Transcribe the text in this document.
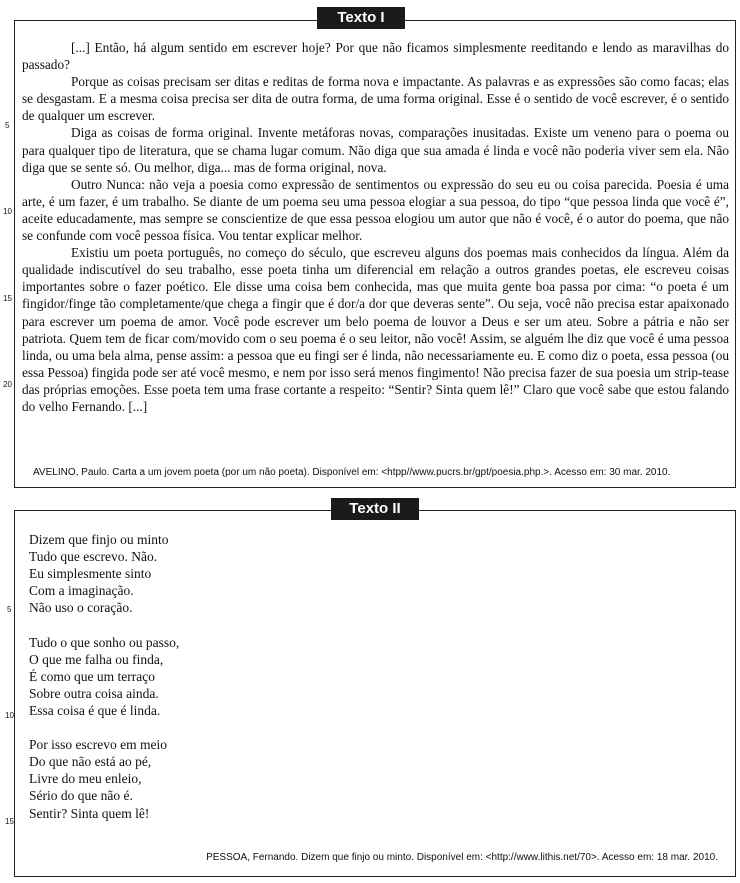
Texto I

[...] Então, há algum sentido em escrever hoje? Por que não ficamos simplesmente reeditando e lendo as maravilhas do passado?

Porque as coisas precisam ser ditas e reditas de forma nova e impactante. As palavras e as expressões são como facas; elas se desgastam. E a mesma coisa precisa ser dita de outra forma, de uma forma original. Esse é o sentido de você escrever, é o sentido de qualquer um escrever.

Diga as coisas de forma original. Invente metáforas novas, comparações inusitadas. Existe um veneno para o poema ou para qualquer tipo de literatura, que se chama lugar comum. Não diga que sua amada é linda e você não poderia viver sem ela. Não diga que se sente só. Ou melhor, diga... mas de forma original, nova.

Outro Nunca: não veja a poesia como expressão de sentimentos ou expressão do seu eu ou coisa parecida. Poesia é uma arte, é um fazer, é um trabalho. Se diante de um poema seu uma pessoa elogiar a sua pessoa, do tipo “que pessoa linda que você é”, aceite educadamente, mas sempre se conscientize de que essa pessoa elogiou um autor que não é você, é o autor do poema, que não se confunde com você pessoa física. Vou tentar explicar melhor.

Existiu um poeta português, no começo do século, que escreveu alguns dos poemas mais conhecidos da língua. Além da qualidade indiscutível do seu trabalho, esse poeta tinha um diferencial em relação a outros grandes poetas, ele escreveu coisas importantes sobre o fazer poético. Ele disse uma coisa bem conhecida, mas que muita gente boa passa por cima: “o poeta é um fingidor/finge tão completamente/que chega a fingir que é dor/a dor que deveras sente”. Ou seja, você não precisa estar apaixonado para escrever um poema de amor. Você pode escrever um belo poema de louvor a Deus e ser um ateu. Sobre a pátria e não ser patriota. Quem tem de ficar com/movido com o seu poema é o seu leitor, não você! Assim, se alguém lhe diz que você é uma pessoa linda, ou uma bela alma, pense assim: a pessoa que eu fingi ser é linda, não necessariamente eu. E como diz o poeta, essa pessoa (ou essa Pessoa) fingida pode ser até você mesmo, e nem por isso será menos fingimento! Não precisa fazer de sua poesia um strip-tease das próprias emoções. Esse poeta tem uma frase cortante a respeito: “Sentir? Sinta quem lê!” Claro que você sabe que estou falando do velho Fernando. [...]

5
10
15
20
AVELINO, Paulo. Carta a um jovem poeta (por um não poeta). Disponível em: <htpp//www.pucrs.br/gpt/poesia.php.>. Acesso em: 30 mar. 2010.
Texto II
Dizem que finjo ou minto
Tudo que escrevo. Não.
Eu simplesmente sinto
Com a imaginação.
Não uso o coração.
Tudo o que sonho ou passo,
O que me falha ou finda,
É como que um terraço
Sobre outra coisa ainda.
Essa coisa é que é linda.
Por isso escrevo em meio
Do que não está ao pé,
Livre do meu enleio,
Sério do que não é.
Sentir? Sinta quem lê!
5
10
15
PESSOA, Fernando. Dizem que finjo ou minto. Disponível em: <http://www.lithis.net/70>. Acesso em: 18 mar. 2010.
